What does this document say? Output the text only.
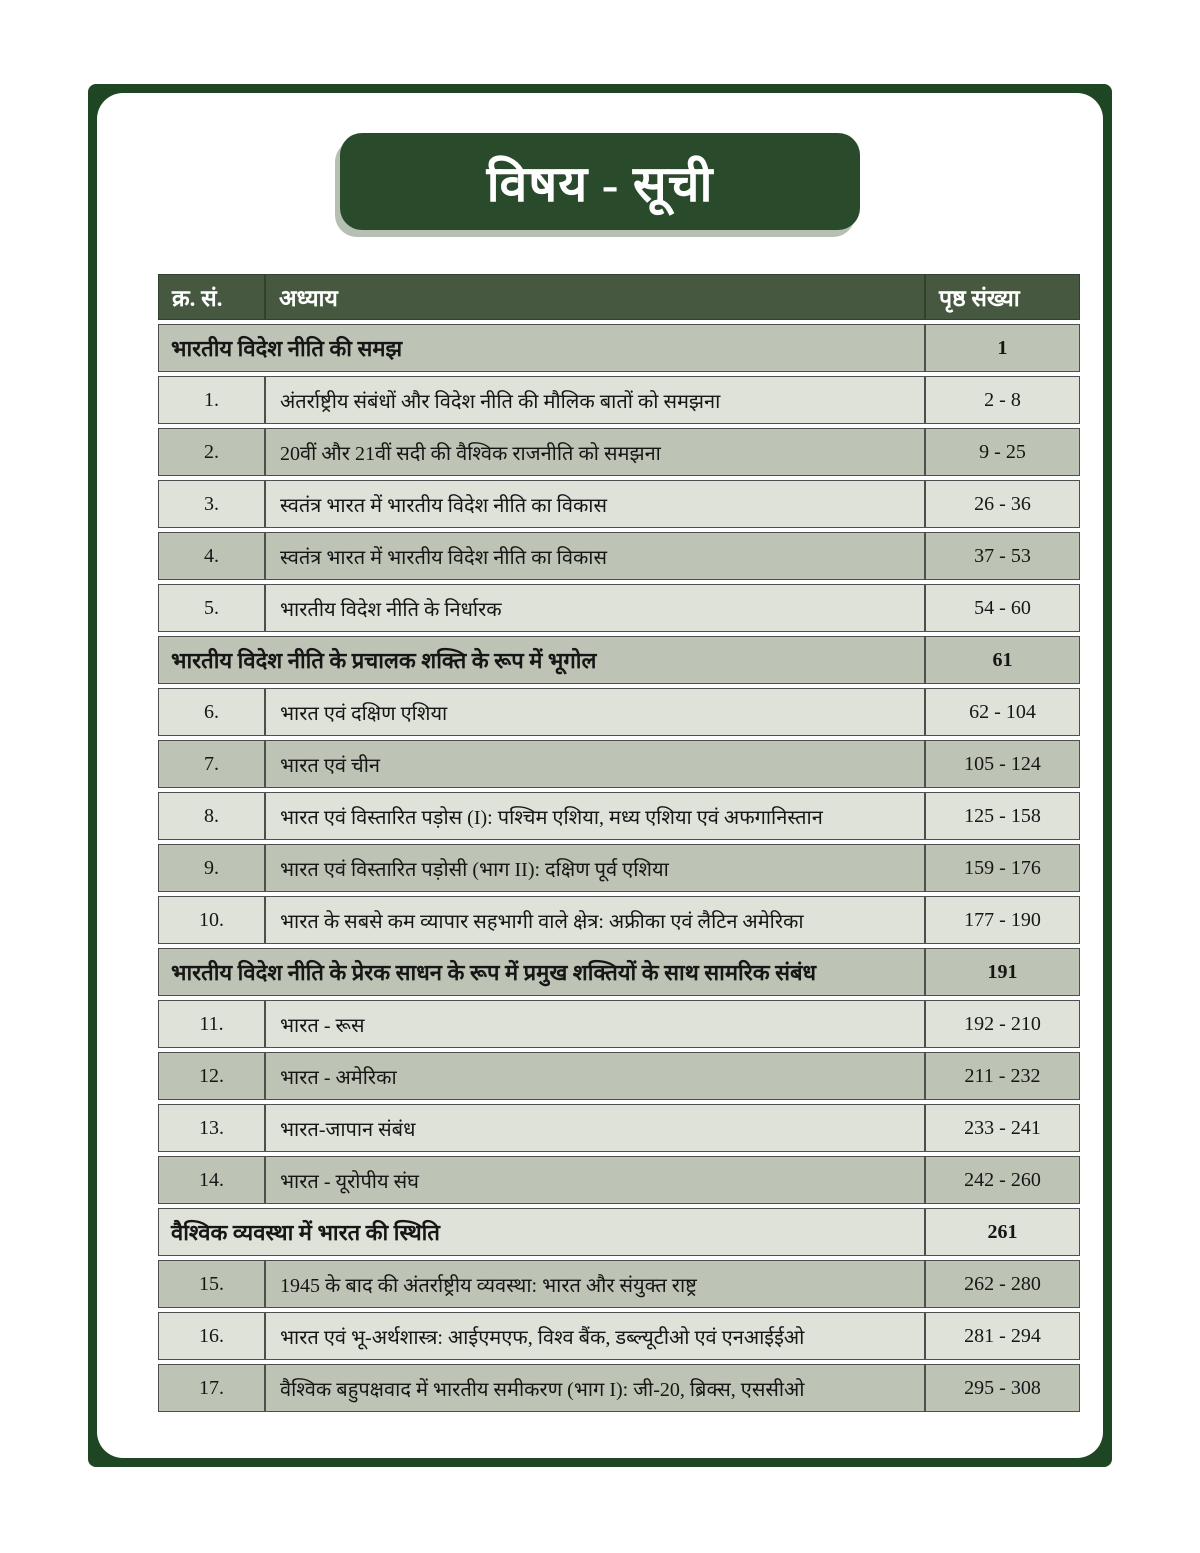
विषय - सूची
क्र. सं.	अध्याय	पृष्ठ संख्या
भारतीय विदेश नीति की समझ		1
1.	अंतर्राष्ट्रीय संबंधों और विदेश नीति की मौलिक बातों को समझना	2 - 8
2.	20वीं और 21वीं सदी की वैश्विक राजनीति को समझना	9 - 25
3.	स्वतंत्र भारत में भारतीय विदेश नीति का विकास	26 - 36
4.	स्वतंत्र भारत में भारतीय विदेश नीति का विकास	37 - 53
5.	भारतीय विदेश नीति के निर्धारक	54 - 60
भारतीय विदेश नीति के प्रचालक शक्ति के रूप में भूगोल		61
6.	भारत एवं दक्षिण एशिया	62 - 104
7.	भारत एवं चीन	105 - 124
8.	भारत एवं विस्तारित पड़ोस (I): पश्चिम एशिया, मध्य एशिया एवं अफगानिस्तान	125 - 158
9.	भारत एवं विस्तारित पड़ोसी (भाग II): दक्षिण पूर्व एशिया	159 - 176
10.	भारत के सबसे कम व्यापार सहभागी वाले क्षेत्र: अफ्रीका एवं लैटिन अमेरिका	177 - 190
भारतीय विदेश नीति के प्रेरक साधन के रूप में प्रमुख शक्तियों के साथ सामरिक संबंध		191
11.	भारत - रूस	192 - 210
12.	भारत - अमेरिका	211 - 232
13.	भारत-जापान संबंध	233 - 241
14.	भारत - यूरोपीय संघ	242 - 260
वैश्विक व्यवस्था में भारत की स्थिति		261
15.	1945 के बाद की अंतर्राष्ट्रीय व्यवस्था: भारत और संयुक्त राष्ट्र	262 - 280
16.	भारत एवं भू-अर्थशास्त्र: आईएमएफ, विश्व बैंक, डब्ल्यूटीओ एवं एनआईईओ	281 - 294
17.	वैश्विक बहुपक्षवाद में भारतीय समीकरण (भाग I): जी-20, ब्रिक्स, एससीओ	295 - 308
